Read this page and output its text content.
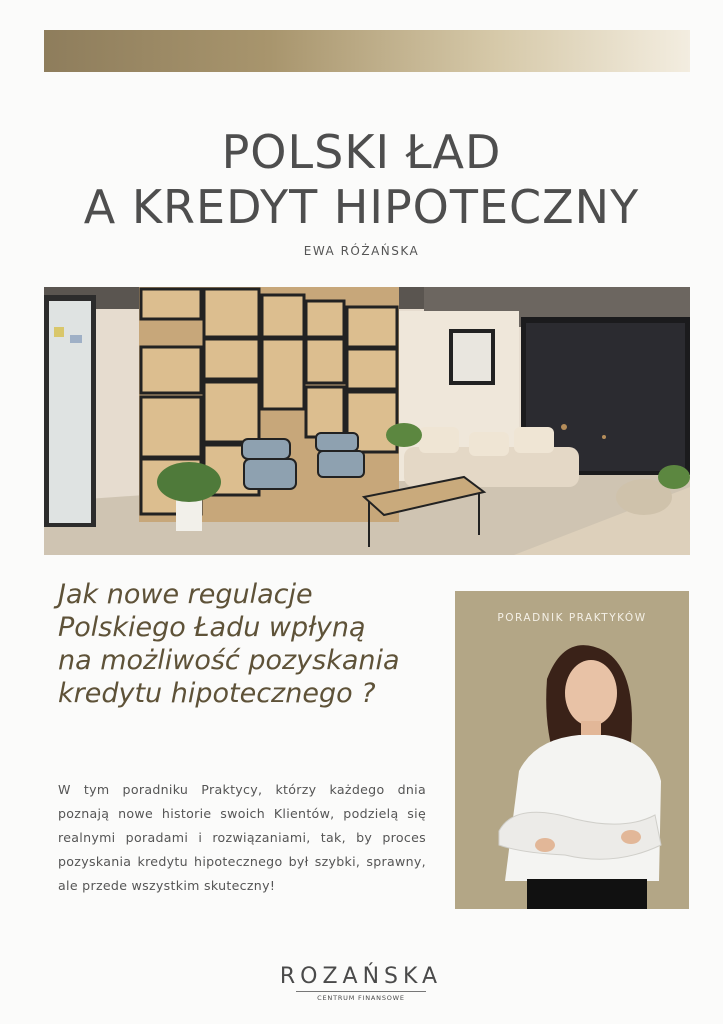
POLSKI ŁAD
A KREDYT HIPOTECZNY
EWA RÓŻAŃSKA
Jak nowe regulacje
Polskiego Ładu wpłyną
na możliwość pozyskania
kredytu hipotecznego ?

W tym poradniku Praktycy, którzy każdego dnia poznają nowe historie swoich Klientów, podzielą się realnymi poradami i rozwiązaniami, tak, by proces pozyskania kredytu hipotecznego był szybki, sprawny, ale przede wszystkim skuteczny!

PORADNIK PRAKTYKÓW
ROZAŃSKA
CENTRUM FINANSOWE
